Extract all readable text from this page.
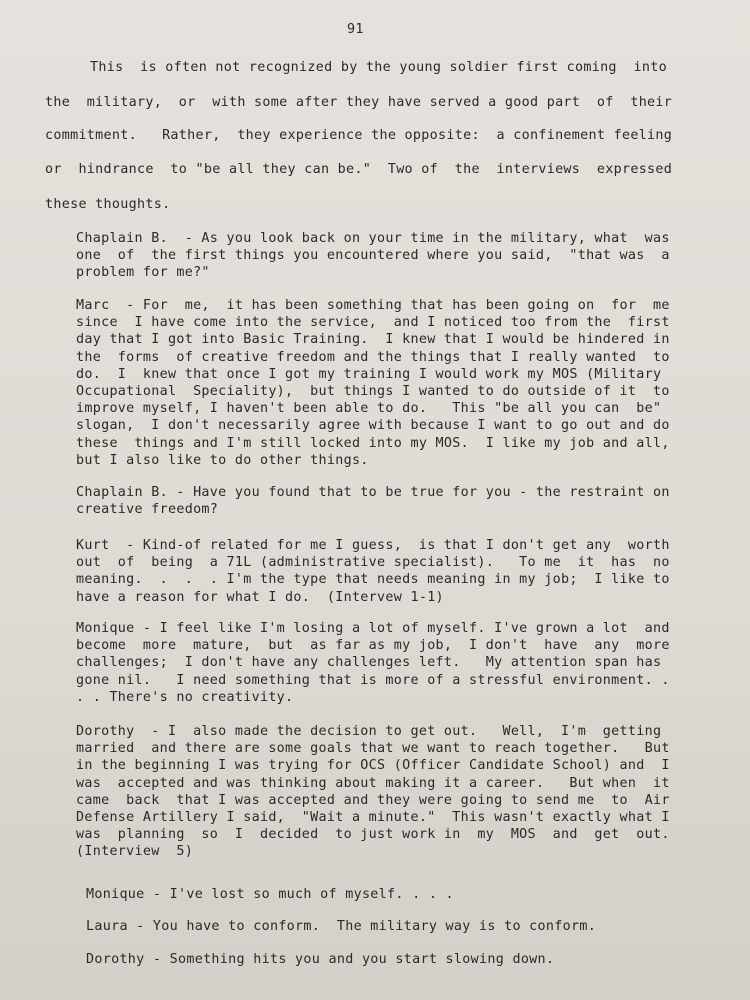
91
This  is often not recognized by the young soldier first coming  into
the  military,  or  with some after they have served a good part  of  their
commitment.   Rather,  they experience the opposite:  a confinement feeling
or  hindrance  to "be all they can be."  Two of  the  interviews  expressed
these thoughts.
Chaplain B.  - As you look back on your time in the military, what  was
one  of  the first things you encountered where you said,  "that was  a
problem for me?"
Marc  - For  me,  it has been something that has been going on  for  me
since  I have come into the service,  and I noticed too from the  first
day that I got into Basic Training.  I knew that I would be hindered in
the  forms  of creative freedom and the things that I really wanted  to
do.  I  knew that once I got my training I would work my MOS (Military
Occupational  Speciality),  but things I wanted to do outside of it  to
improve myself, I haven't been able to do.   This "be all you can  be"
slogan,  I don't necessarily agree with because I want to go out and do
these  things and I'm still locked into my MOS.  I like my job and all,
but I also like to do other things.
Chaplain B. - Have you found that to be true for you - the restraint on
creative freedom?
Kurt  - Kind-of related for me I guess,  is that I don't get any  worth
out  of  being  a 71L (administrative specialist).   To me  it  has  no
meaning.  .  .  . I'm the type that needs meaning in my job;  I like to
have a reason for what I do.  (Intervew 1-1)
Monique - I feel like I'm losing a lot of myself. I've grown a lot  and
become  more  mature,  but  as far as my job,  I don't  have  any  more
challenges;  I don't have any challenges left.   My attention span has
gone nil.   I need something that is more of a stressful environment. .
. . There's no creativity.
Dorothy  - I  also made the decision to get out.   Well,  I'm  getting
married  and there are some goals that we want to reach together.   But
in the beginning I was trying for OCS (Officer Candidate School) and  I
was  accepted and was thinking about making it a career.   But when  it
came  back  that I was accepted and they were going to send me  to  Air
Defense Artillery I said,  "Wait a minute."  This wasn't exactly what I
was  planning  so  I  decided  to just work in  my  MOS  and  get  out.
(Interview  5)
Monique - I've lost so much of myself. . . .
Laura - You have to conform.  The military way is to conform.
Dorothy - Something hits you and you start slowing down.
